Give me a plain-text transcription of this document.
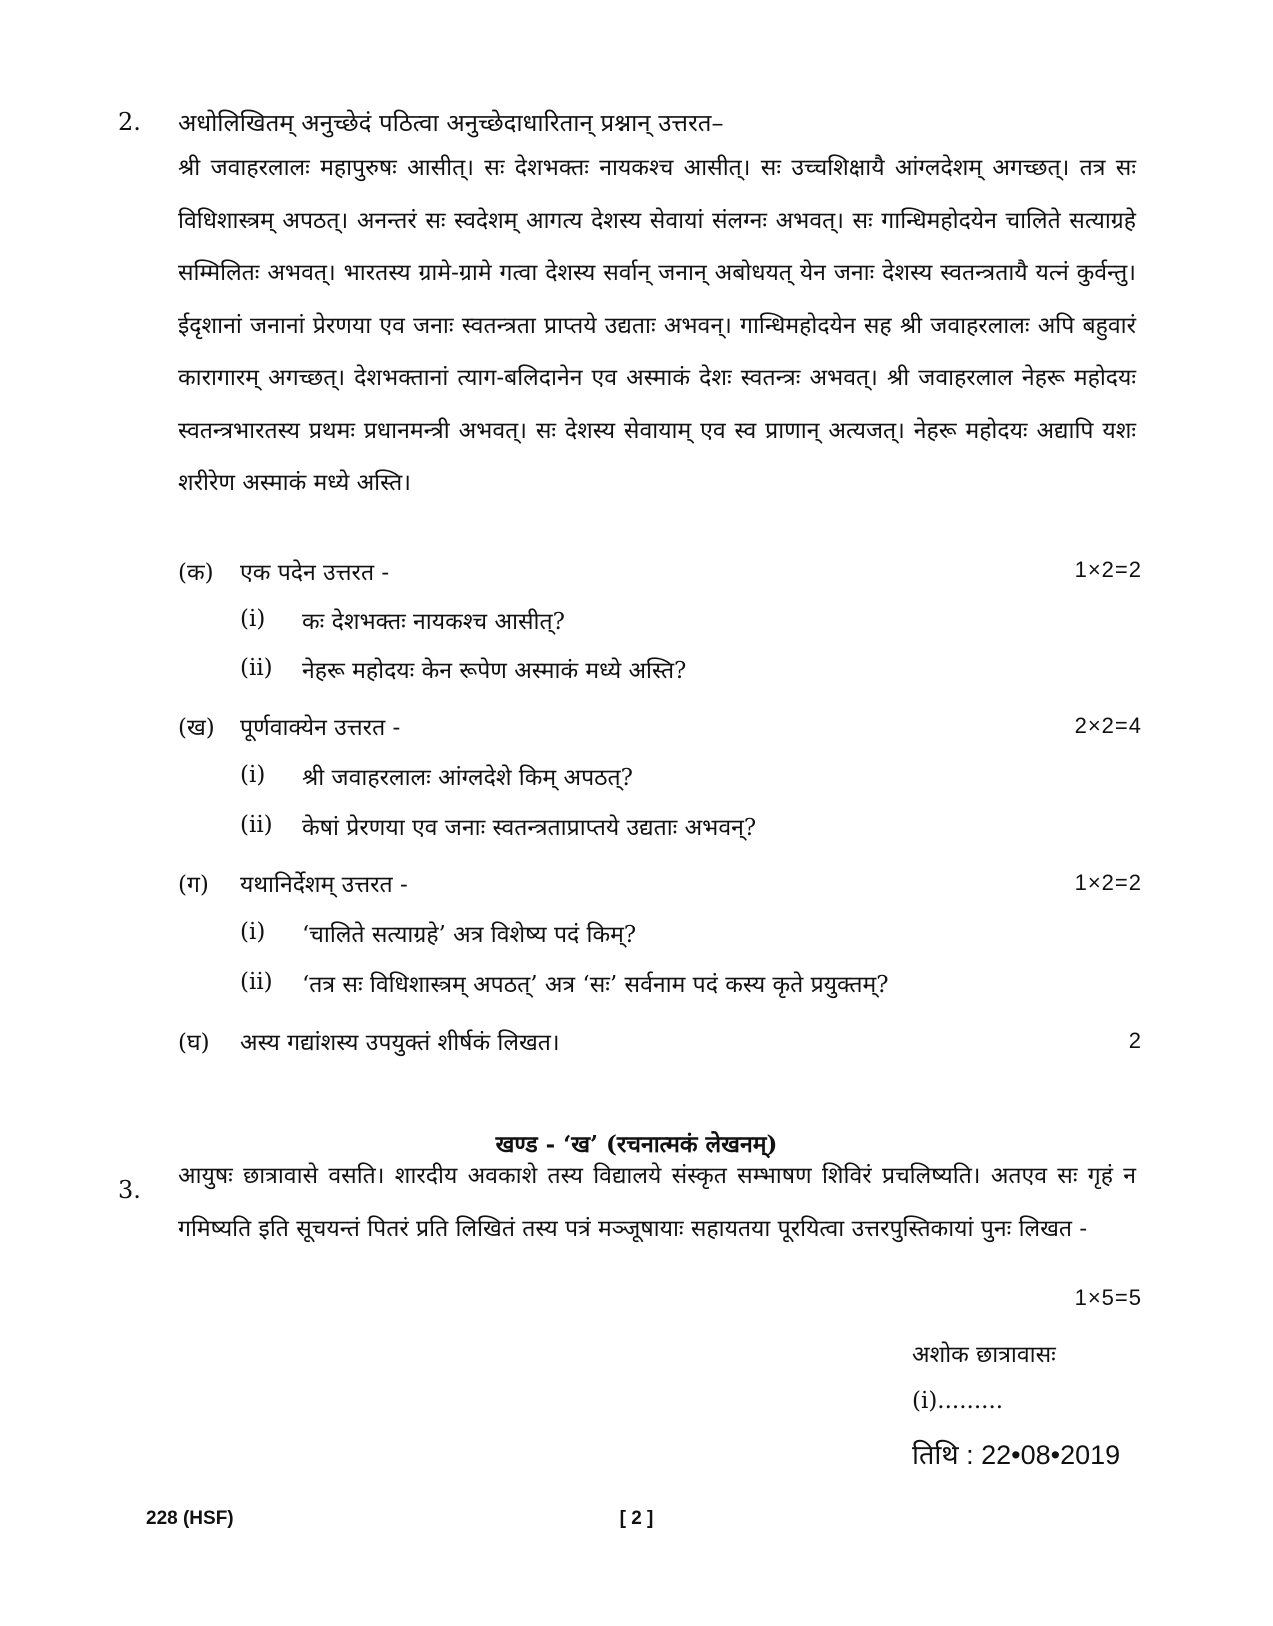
2. अधोलिखितम् अनुच्छेदं पठित्वा अनुच्छेदाधारितान् प्रश्नान् उत्तरत–

श्री जवाहरलालः महापुरुषः आसीत्। सः देशभक्तः नायकश्च आसीत्। सः उच्चशिक्षायै आंग्लदेशम् अगच्छत्। तत्र सः विधिशास्त्रम् अपठत्। अनन्तरं सः स्वदेशम् आगत्य देशस्य सेवायां संलग्नः अभवत्। सः गान्धिमहोदयेन चालिते सत्याग्रहे सम्मिलितः अभवत्। भारतस्य ग्रामे-ग्रामे गत्वा देशस्य सर्वान् जनान् अबोधयत् येन जनाः देशस्य स्वतन्त्रतायै यत्नं कुर्वन्तु। ईदृशानां जनानां प्रेरणया एव जनाः स्वतन्त्रता प्राप्तये उद्यताः अभवन्। गान्धिमहोदयेन सह श्री जवाहरलालः अपि बहुवारं कारागारम् अगच्छत्। देशभक्तानां त्याग-बलिदानेन एव अस्माकं देशः स्वतन्त्रः अभवत्। श्री जवाहरलाल नेहरू महोदयः स्वतन्त्रभारतस्य प्रथमः प्रधानमन्त्री अभवत्। सः देशस्य सेवायाम् एव स्व प्राणान् अत्यजत्। नेहरू महोदयः अद्यापि यशः शरीरेण अस्माकं मध्ये अस्ति।

(क) एक पदेन उत्तरत -	1×2=2
(i) कः देशभक्तः नायकश्च आसीत्?
(ii) नेहरू महोदयः केन रूपेण अस्माकं मध्ये अस्ति?
(ख) पूर्णवाक्येन उत्तरत -	2×2=4
(i) श्री जवाहरलालः आंग्लदेशे किम् अपठत्?
(ii) केषां प्रेरणया एव जनाः स्वतन्त्रताप्राप्तये उद्यताः अभवन्?
(ग) यथानिर्देशम् उत्तरत -	1×2=2
(i) ‘चालिते सत्याग्रहे’ अत्र विशेष्य पदं किम्?
(ii) ‘तत्र सः विधिशास्त्रम् अपठत्’ अत्र ‘सः’ सर्वनाम पदं कस्य कृते प्रयुक्तम्?
(घ) अस्य गद्यांशस्य उपयुक्तं शीर्षकं लिखत।	2
खण्ड - ‘ख’ (रचनात्मकं लेखनम्)
3. आयुषः छात्रावासे वसति। शारदीय अवकाशे तस्य विद्यालये संस्कृत सम्भाषण शिविरं प्रचलिष्यति। अतएव सः गृहं न गमिष्यति इति सूचयन्तं पितरं प्रति लिखितं तस्य पत्रं मञ्जूषायाः सहायतया पूरयित्वा उत्तरपुस्तिकायां पुनः लिखत -

1×5=5
अशोक छात्रावासः
(i).........
तिथि : 22•08•2019
228 (HSF)	[ 2 ]
